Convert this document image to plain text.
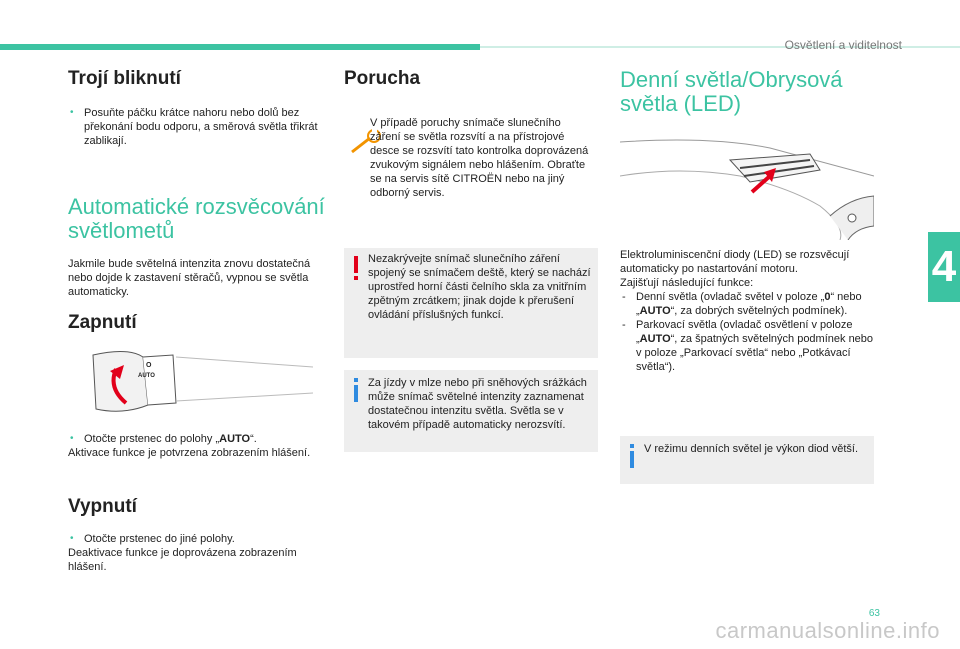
Osvětlení a viditelnost
4
Trojí bliknutí

• Posuňte páčku krátce nahoru nebo dolů bez překonání bodu odporu, a směrová světla třikrát zablikají.

Automatické rozsvěcování světlometů

Jakmile bude světelná intenzita znovu dostatečná nebo dojde k zastavení stěračů, vypnou se světla automaticky.

Zapnutí
O
AUTO

• Otočte prstenec do polohy „AUTO“.

Aktivace funkce je potvrzena zobrazením hlášení.

Vypnutí

• Otočte prstenec do jiné polohy.

Deaktivace funkce je doprovázena zobrazením hlášení.

Porucha

V případě poruchy snímače slunečního záření se světla rozsvítí a na přístrojové desce se rozsvítí tato kontrolka doprovázená zvukovým signálem nebo hlášením. Obraťte se na servis sítě CITROËN nebo na jiný odborný servis.

Nezakrývejte snímač slunečního záření spojený se snímačem deště, který se nachází uprostřed horní části čelního skla za vnitřním zpětným zrcátkem; jinak dojde k přerušení ovládání příslušných funkcí.

Za jízdy v mlze nebo při sněhových srážkách může snímač světelné intenzity zaznamenat dostatečnou intenzitu světla. Světla se v takovém případě automaticky nerozsvítí.

Denní světla/Obrysová světla (LED)

Elektroluminiscenční diody (LED) se rozsvěcují automaticky po nastartování motoru.

Zajišťují následující funkce:

- Denní světla (ovladač světel v poloze „0“ nebo „AUTO“, za dobrých světelných podmínek).

- Parkovací světla (ovladač osvětlení v poloze „AUTO“, za špatných světelných podmínek nebo v poloze „Parkovací světla“ nebo „Potkávací světla“).

V režimu denních světel je výkon diod větší.

63
carmanualsonline.info
